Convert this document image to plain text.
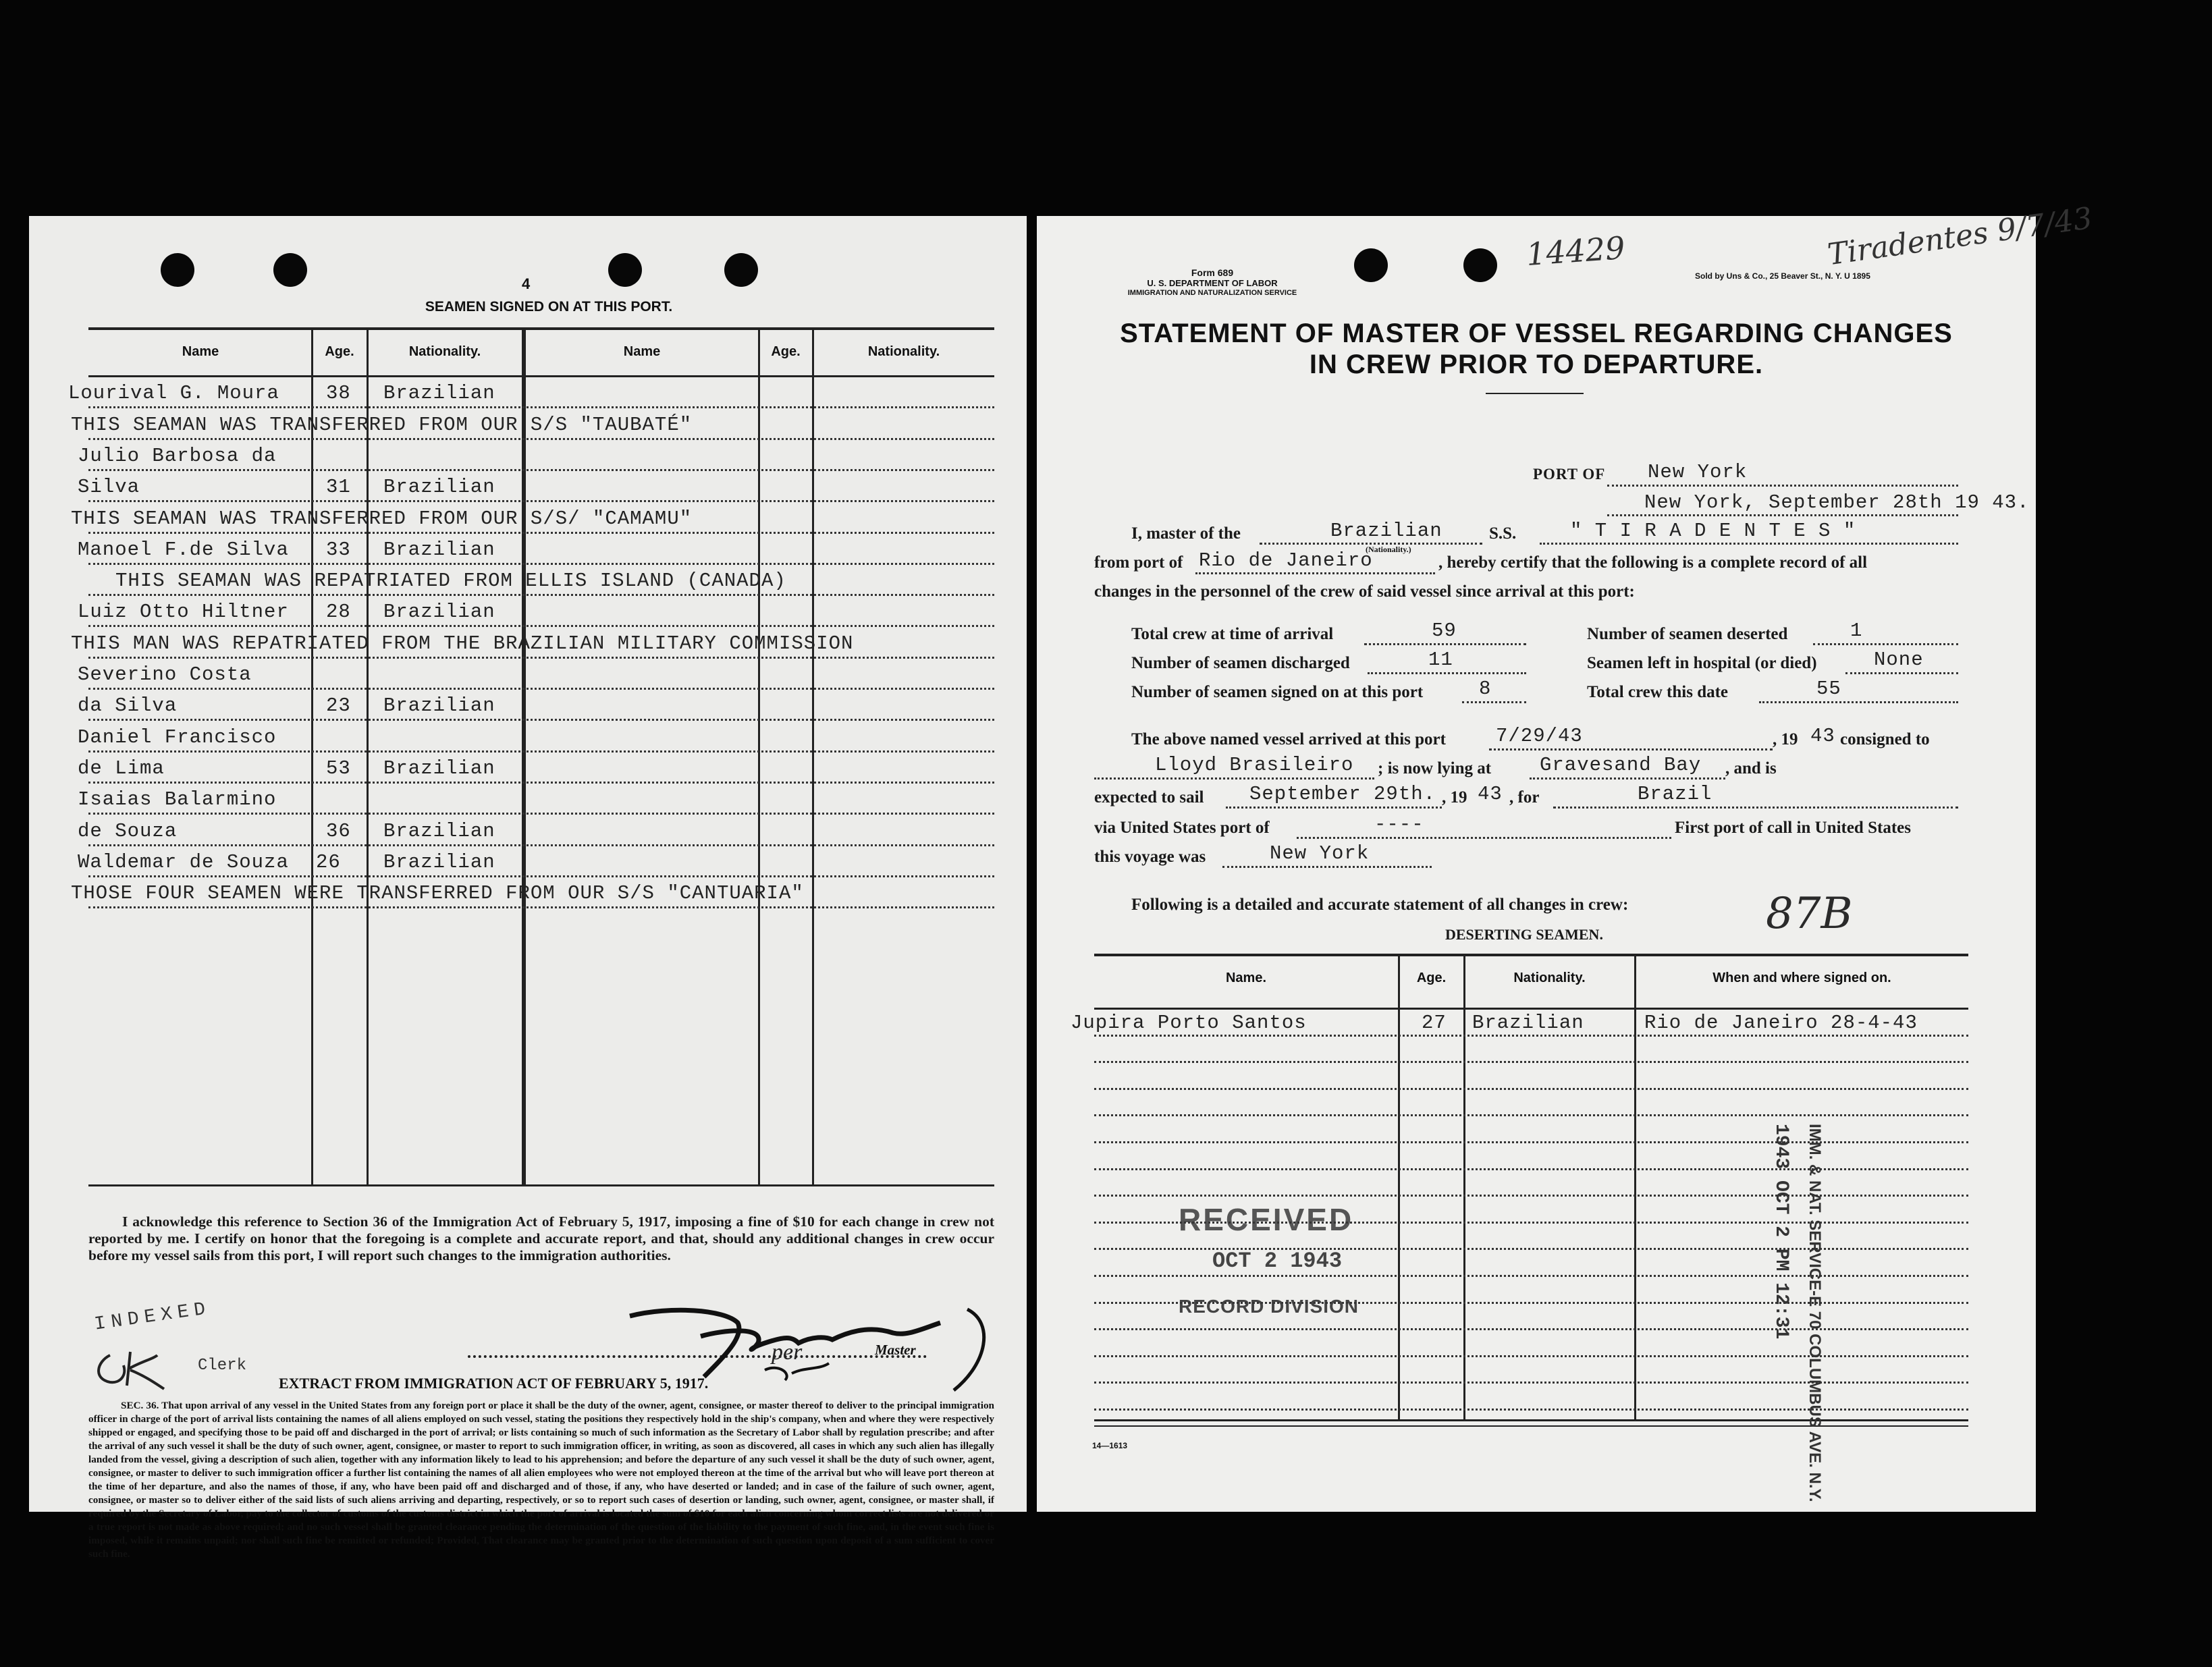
4
SEAMEN SIGNED ON AT THIS PORT.
Name	Age.	Nationality.	Name	Age.	Nationality.
I acknowledge this reference to Section 36 of the Immigration Act of February 5, 1917, imposing a fine of $10 for each change in crew not reported by me. I certify on honor that the foregoing is a complete and accurate report, and that, should any additional changes in crew occur before my vessel sails from this port, I will report such changes to the immigration authorities.
INDEXED
Clerk
per	Master
EXTRACT FROM IMMIGRATION ACT OF FEBRUARY 5, 1917.
SEC. 36. That upon arrival of any vessel in the United States from any foreign port or place it shall be the duty of the owner, agent, consignee, or master thereof to deliver to the principal immigration officer in charge of the port of arrival lists containing the names of all aliens employed on such vessel, stating the positions they respectively hold in the ship's company, when and where they were respectively shipped or engaged, and specifying those to be paid off and discharged in the port of arrival; or lists containing so much of such information as the Secretary of Labor shall by regulation prescribe; and after the arrival of any such vessel it shall be the duty of such owner, agent, consignee, or master to report to such immigration officer, in writing, as soon as discovered, all cases in which any such alien has illegally landed from the vessel, giving a description of such alien, together with any information likely to lead to his apprehension; and before the departure of any such vessel it shall be the duty of such owner, agent, consignee, or master to deliver to such immigration officer a further list containing the names of all alien employees who were not employed thereon at the time of the arrival but who will leave port thereon at the time of her departure, and also the names of those, if any, who have been paid off and discharged and of those, if any, who have deserted or landed; and in case of the failure of such owner, agent, consignee, or master so to deliver either of the said lists of such aliens arriving and departing, respectively, or so to report such cases of desertion or landing, such owner, agent, consignee, or master shall, if required by the Secretary of Labor, pay to the collector of customs of the customs district in which the port of arrival is located the sum of $10 for each alien concerning whom correct lists are not delivered or a true report is not made as above required; and no such vessel shall be granted clearance pending the determination of the question of the liability to the payment of such fine, and, in the event such fine is imposed, while it remains unpaid; nor shall such fine be remitted or refunded; Provided, That clearance may be granted prior to the determination of such question upon deposit of a sum sufficient to cover such fine.
Lourival G. Moura 38 Brazilian
THIS SEAMAN WAS TRANSFERRED FROM OUR S/S "TAUBATÉ"
Julio Barbosa da
Silva	31 Brazilian
THIS SEAMAN WAS TRANSFERRED FROM OUR S/S/ "CAMAMU"
Manoel F.de Silva 33 Brazilian
THIS SEAMAN WAS REPATRIATED FROM ELLIS ISLAND (CANADA)
Luiz Otto Hiltner 28 Brazilian
THIS MAN WAS REPATRIATED FROM THE BRAZILIAN MILITARY COMMISSION
Severino Costa
da Silva	23 Brazilian
Daniel Francisco
de Lima	53 Brazilian
Isaias Balarmino
de Souza	36 Brazilian
Waldemar de Souza 26 Brazilian
THOSE FOUR SEAMEN WERE TRANSFERRED FROM OUR S/S "CANTUARIA"
14429	Tiradentes 9/7/43
Form 689
U. S. DEPARTMENT OF LABOR
IMMIGRATION AND NATURALIZATION SERVICE
Sold by Uns & Co., 25 Beaver St., N. Y. U 1895
STATEMENT OF MASTER OF VESSEL REGARDING CHANGES
IN CREW PRIOR TO DEPARTURE.
PORT OF New York
New York, September 28th 19 43.
I, master of the	Brazilian
(Nationality.)
S.S.	" T I R A D E N T E S "
from port of Rio de Janeiro	, hereby certify that the following is a complete record of all
changes in the personnel of the crew of said vessel since arrival at this port:
Total crew at time of arrival	59	Number of seamen deserted	1
Number of seamen discharged	11	Seamen left in hospital (or died)	None
Number of seamen signed on at this port	8	Total crew this date	55
The above named vessel arrived at this port	7/29/43	, 19 43 consigned to
Lloyd Brasileiro ; is now lying at Gravesand Bay , and is
expected to sail September 29th. , 19 43 , for	Brazil
via United States port of	----	First port of call in United States
this voyage was	New York
Following is a detailed and accurate statement of all changes in crew:
DESERTING SEAMEN.	87B
Name.	Age.	Nationality.	When and where signed on.
RECEIVED
OCT 2 1943
RECORD DIVISION	1943 OCT 2 PM 12:31 IMM. & NAT. SERVICE-E 70 COLUMBUS AVE. N.Y.
14—1613
Jupira Porto Santos	27 Brazilian	Rio de Janeiro 28-4-43
